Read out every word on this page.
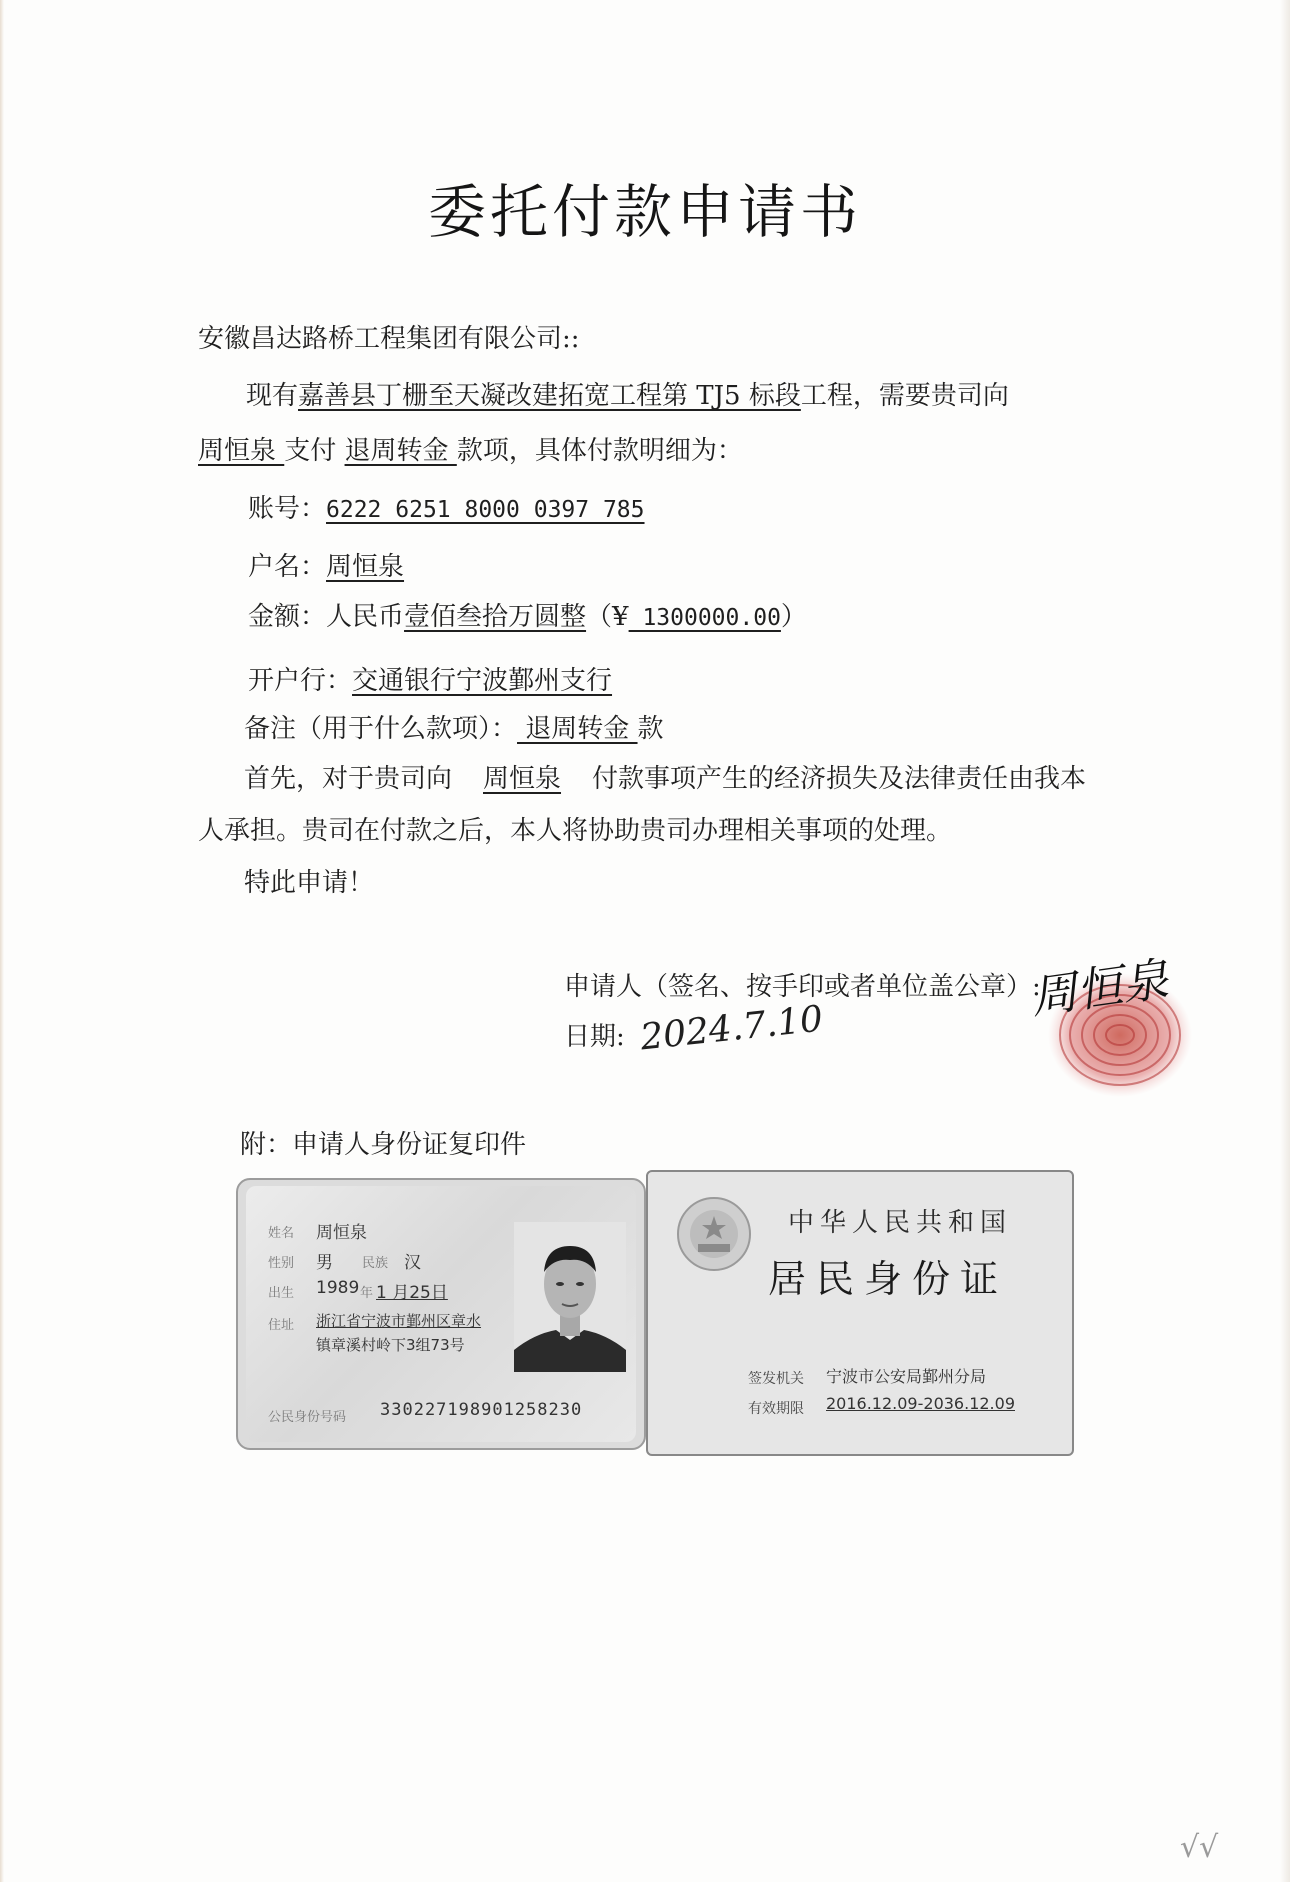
委托付款申请书
安徽昌达路桥工程集团有限公司::
现有嘉善县丁栅至天凝改建拓宽工程第 TJ5 标段工程，需要贵司向
周恒泉 支付 退周转金 款项，具体付款明细为：
账号：6222 6251 8000 0397 785
户名：周恒泉
金额：人民币壹佰叁拾万圆整（¥ 1300000.00）
开户行：交通银行宁波鄞州支行
备注（用于什么款项）： 退周转金 款
首先，对于贵司向 周恒泉 付款事项产生的经济损失及法律责任由我本
人承担。贵司在付款之后，本人将协助贵司办理相关事项的处理。
特此申请！
申请人（签名、按手印或者单位盖公章）:
日期: 2024.7.10
周恒泉
附：申请人身份证复印件
姓名 周恒泉
性别 男 民族 汉
出生 1989 年 1 月25日
住址 浙江省宁波市鄞州区章水
镇章溪村岭下3组73号
公民身份号码 330227198901258230
中华人民共和国
居民身份证
签发机关 宁波市公安局鄞州分局
有效期限 2016.12.09-2036.12.09
√√
